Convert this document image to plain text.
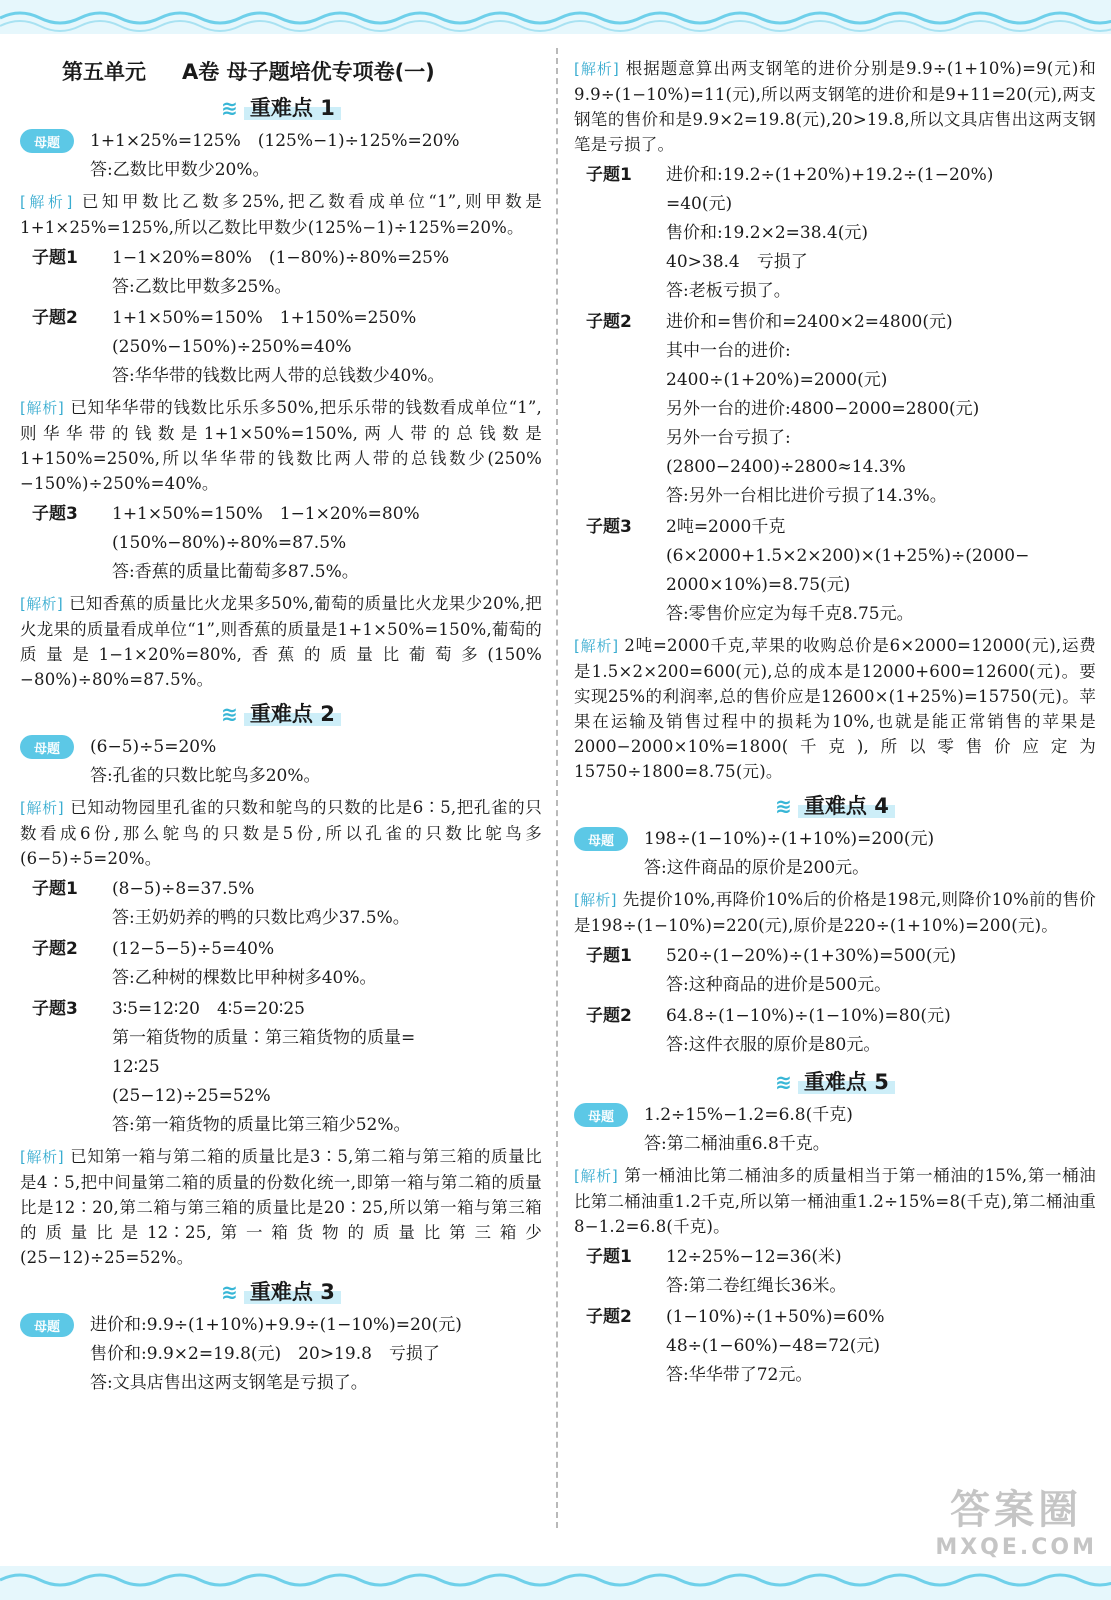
第五单元 A卷 母子题培优专项卷(一)
≋ 重难点 1
母题	1+1×25%=125%　(125%−1)÷125%=20%
答:乙数比甲数少20%。
[解析] 已知甲数比乙数多25%,把乙数看成单位“1”,则甲数是 1+1×25%=125%,所以乙数比甲数少(125%−1)÷125%=20%。
子题1	1−1×20%=80%　(1−80%)÷80%=25%
答:乙数比甲数多25%。
子题2	1+1×50%=150%　1+150%=250%
(250%−150%)÷250%=40%
答:华华带的钱数比两人带的总钱数少40%。
[解析] 已知华华带的钱数比乐乐多50%,把乐乐带的钱数看成单位“1”,则华华带的钱数是1+1×50%=150%,两人带的总钱数是1+150%=250%,所以华华带的钱数比两人带的总钱数少(250%−150%)÷250%=40%。
子题3	1+1×50%=150%　1−1×20%=80%
(150%−80%)÷80%=87.5%
答:香蕉的质量比葡萄多87.5%。
[解析] 已知香蕉的质量比火龙果多50%,葡萄的质量比火龙果少20%,把火龙果的质量看成单位“1”,则香蕉的质量是1+1×50%=150%,葡萄的质量是1−1×20%=80%,香蕉的质量比葡萄多(150%−80%)÷80%=87.5%。
≋ 重难点 2
母题	(6−5)÷5=20%
答:孔雀的只数比鸵鸟多20%。
[解析] 已知动物园里孔雀的只数和鸵鸟的只数的比是6∶5,把孔雀的只数看成6份,那么鸵鸟的只数是5份,所以孔雀的只数比鸵鸟多(6−5)÷5=20%。
子题1	(8−5)÷8=37.5%
答:王奶奶养的鸭的只数比鸡少37.5%。
子题2	(12−5−5)÷5=40%
答:乙种树的棵数比甲种树多40%。
子题3	3∶5=12∶20　4∶5=20∶25
第一箱货物的质量∶第三箱货物的质量=
12∶25
(25−12)÷25=52%
答:第一箱货物的质量比第三箱少52%。
[解析] 已知第一箱与第二箱的质量比是3∶5,第二箱与第三箱的质量比是4∶5,把中间量第二箱的质量的份数化统一,即第一箱与第二箱的质量比是12∶20,第二箱与第三箱的质量比是20∶25,所以第一箱与第三箱的质量比是12∶25,第一箱货物的质量比第三箱少(25−12)÷25=52%。
≋ 重难点 3
母题	进价和:9.9÷(1+10%)+9.9÷(1−10%)=20(元)
售价和:9.9×2=19.8(元)　20>19.8　亏损了
答:文具店售出这两支钢笔是亏损了。
[解析] 根据题意算出两支钢笔的进价分别是9.9÷(1+10%)=9(元)和9.9÷(1−10%)=11(元),所以两支钢笔的进价和是9+11=20(元),两支钢笔的售价和是9.9×2=19.8(元),20>19.8,所以文具店售出这两支钢笔是亏损了。
子题1	进价和:19.2÷(1+20%)+19.2÷(1−20%)
=40(元)
售价和:19.2×2=38.4(元)
40>38.4　亏损了
答:老板亏损了。
子题2	进价和=售价和=2400×2=4800(元)
其中一台的进价:
2400÷(1+20%)=2000(元)
另外一台的进价:4800−2000=2800(元)
另外一台亏损了:
(2800−2400)÷2800≈14.3%
答:另外一台相比进价亏损了14.3%。
子题3	2吨=2000千克
(6×2000+1.5×2×200)×(1+25%)÷(2000−
2000×10%)=8.75(元)
答:零售价应定为每千克8.75元。
[解析] 2吨=2000千克,苹果的收购总价是6×2000=12000(元),运费是1.5×2×200=600(元),总的成本是12000+600=12600(元)。要实现25%的利润率,总的售价应是12600×(1+25%)=15750(元)。苹果在运输及销售过程中的损耗为10%,也就是能正常销售的苹果是2000−2000×10%=1800(千克),所以零售价应定为15750÷1800=8.75(元)。
≋ 重难点 4
母题	198÷(1−10%)÷(1+10%)=200(元)
答:这件商品的原价是200元。
[解析] 先提价10%,再降价10%后的价格是198元,则降价10%前的售价是198÷(1−10%)=220(元),原价是220÷(1+10%)=200(元)。
子题1	520÷(1−20%)÷(1+30%)=500(元)
答:这种商品的进价是500元。
子题2	64.8÷(1−10%)÷(1−10%)=80(元)
答:这件衣服的原价是80元。
≋ 重难点 5
母题	1.2÷15%−1.2=6.8(千克)
答:第二桶油重6.8千克。
[解析] 第一桶油比第二桶油多的质量相当于第一桶油的15%,第一桶油比第二桶油重1.2千克,所以第一桶油重1.2÷15%=8(千克),第二桶油重8−1.2=6.8(千克)。
子题1	12÷25%−12=36(米)
答:第二卷红绳长36米。
子题2	(1−10%)÷(1+50%)=60%
48÷(1−60%)−48=72(元)
答:华华带了72元。
答案圈
MXQE.COM
